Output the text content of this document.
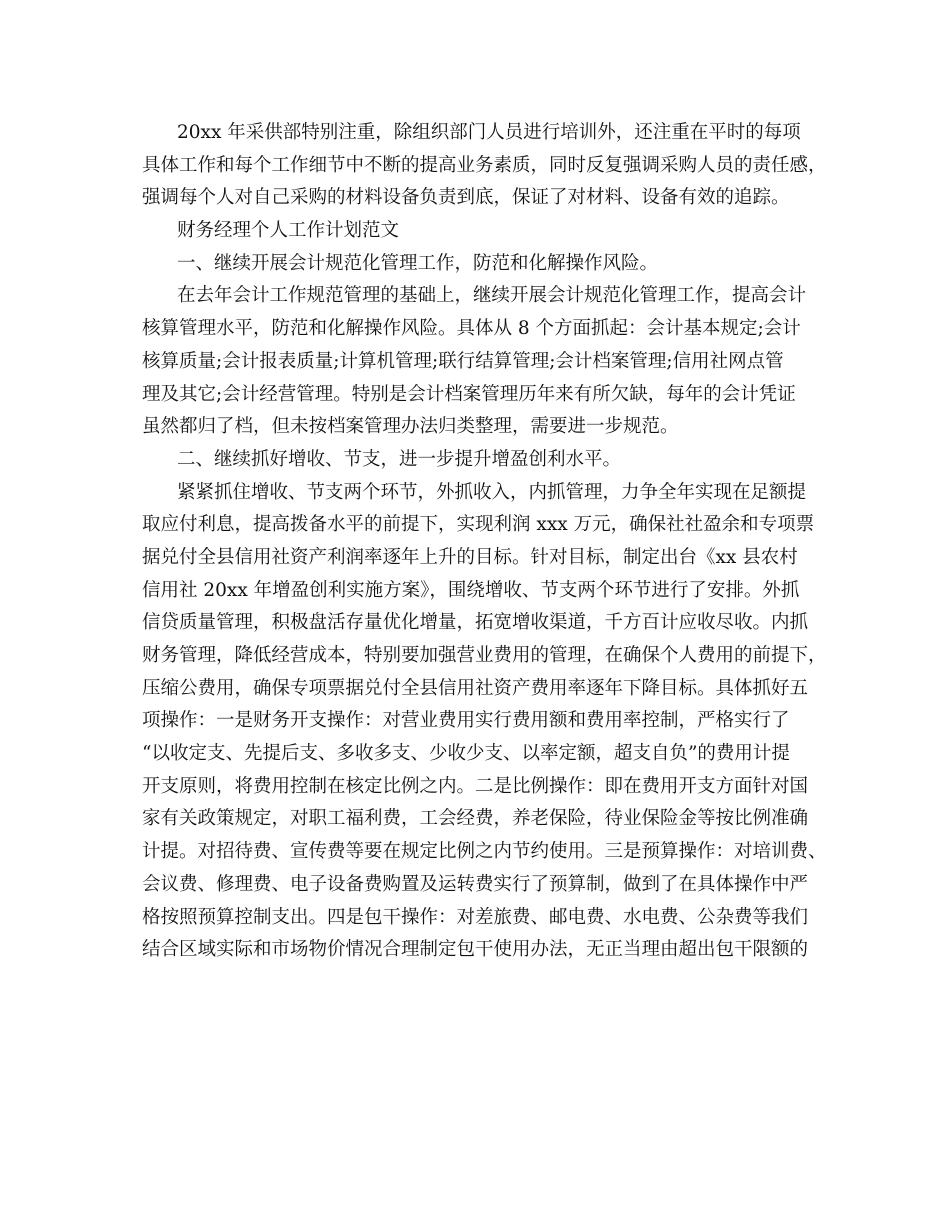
20xx 年采供部特别注重，除组织部门人员进行培训外，还注重在平时的每项
具体工作和每个工作细节中不断的提高业务素质，同时反复强调采购人员的责任感，
强调每个人对自己采购的材料设备负责到底，保证了对材料、设备有效的追踪。
财务经理个人工作计划范文
一、继续开展会计规范化管理工作，防范和化解操作风险。
在去年会计工作规范管理的基础上，继续开展会计规范化管理工作，提高会计
核算管理水平，防范和化解操作风险。具体从 8 个方面抓起：会计基本规定;会计
核算质量;会计报表质量;计算机管理;联行结算管理;会计档案管理;信用社网点管
理及其它;会计经营管理。特别是会计档案管理历年来有所欠缺，每年的会计凭证
虽然都归了档，但未按档案管理办法归类整理，需要进一步规范。
二、继续抓好增收、节支，进一步提升增盈创利水平。
紧紧抓住增收、节支两个环节，外抓收入，内抓管理，力争全年实现在足额提
取应付利息，提高拨备水平的前提下，实现利润 xxx 万元，确保社社盈余和专项票
据兑付全县信用社资产利润率逐年上升的目标。针对目标，制定出台《xx 县农村
信用社 20xx 年增盈创利实施方案》，围绕增收、节支两个环节进行了安排。外抓
信贷质量管理，积极盘活存量优化增量，拓宽增收渠道，千方百计应收尽收。内抓
财务管理，降低经营成本，特别要加强营业费用的管理，在确保个人费用的前提下，
压缩公费用，确保专项票据兑付全县信用社资产费用率逐年下降目标。具体抓好五
项操作：一是财务开支操作：对营业费用实行费用额和费用率控制，严格实行了
“以收定支、先提后支、多收多支、少收少支、以率定额，超支自负”的费用计提
开支原则，将费用控制在核定比例之内。二是比例操作：即在费用开支方面针对国
家有关政策规定，对职工福利费，工会经费，养老保险，待业保险金等按比例准确
计提。对招待费、宣传费等要在规定比例之内节约使用。三是预算操作：对培训费、
会议费、修理费、电子设备费购置及运转费实行了预算制，做到了在具体操作中严
格按照预算控制支出。四是包干操作：对差旅费、邮电费、水电费、公杂费等我们
结合区域实际和市场物价情况合理制定包干使用办法，无正当理由超出包干限额的
